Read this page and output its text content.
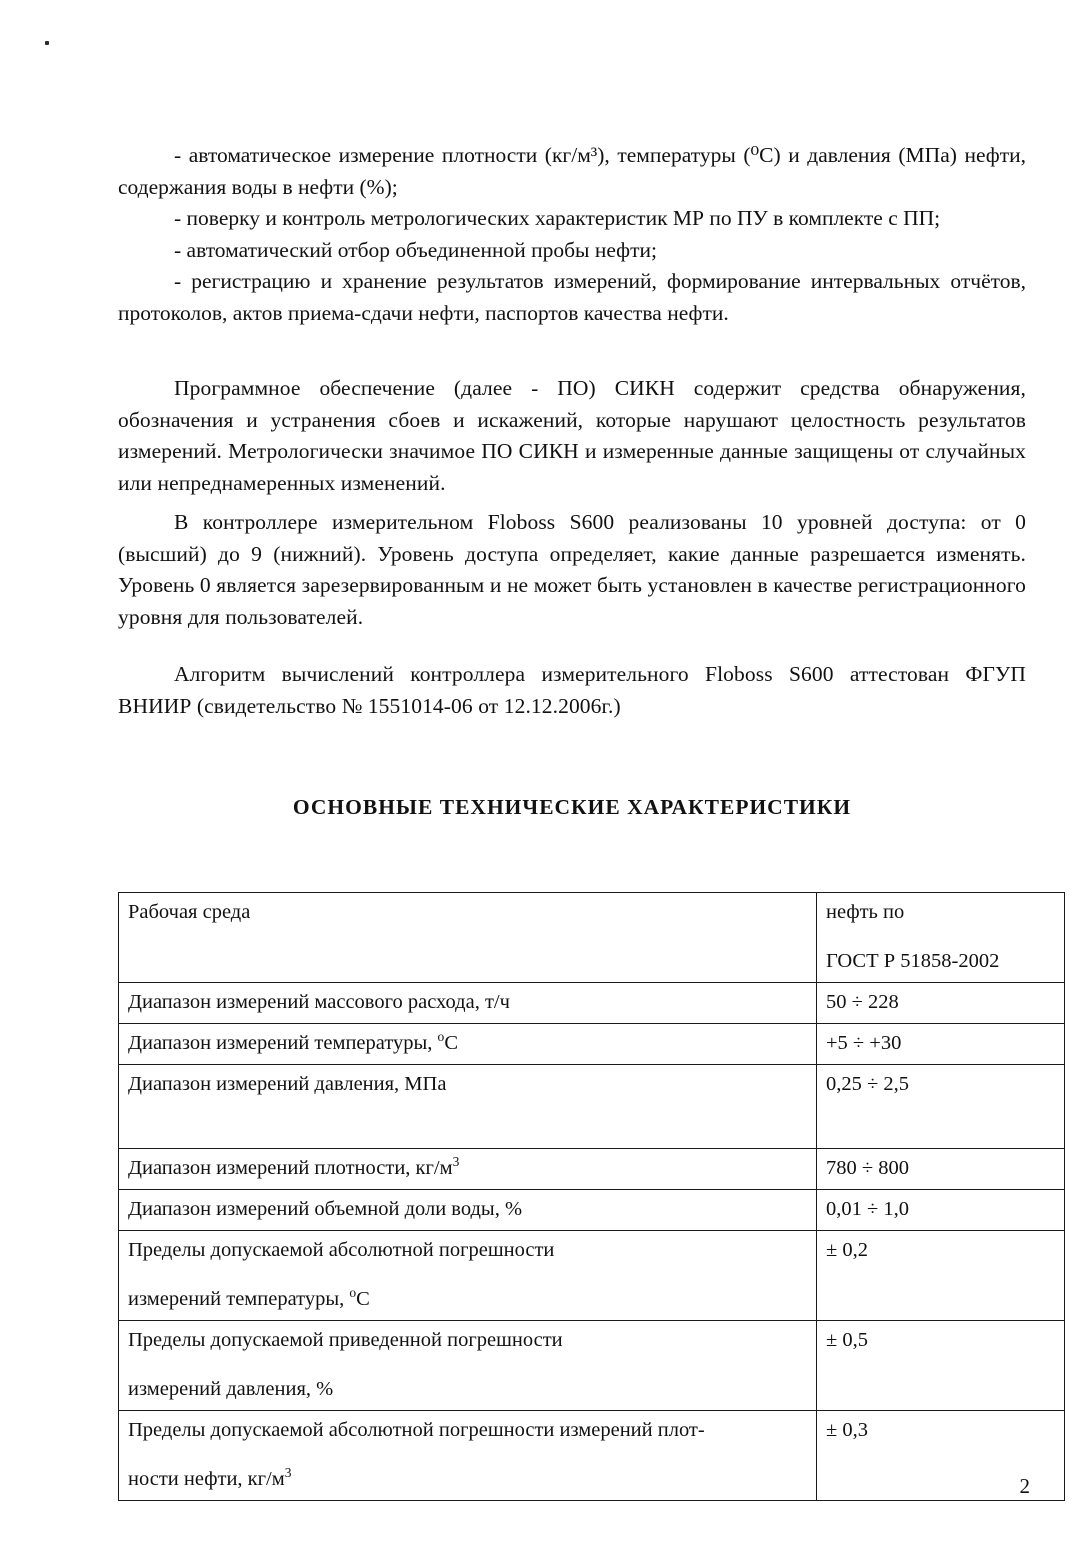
- автоматическое измерение плотности (кг/м³), температуры (⁰С) и давления (МПа) нефти, содержания воды в нефти (%);

- поверку и контроль метрологических характеристик МР по ПУ в комплекте с ПП;

- автоматический отбор объединенной пробы нефти;

- регистрацию и хранение результатов измерений, формирование интервальных отчётов, протоколов, актов приема-сдачи нефти, паспортов качества нефти.

Программное обеспечение (далее - ПО) СИКН содержит средства обнаружения, обозначения и устранения сбоев и искажений, которые нарушают целостность результатов измерений. Метрологически значимое ПО СИКН и измеренные данные защищены от случайных или непреднамеренных изменений.

В контроллере измерительном Floboss S600 реализованы 10 уровней доступа: от 0 (высший) до 9 (нижний). Уровень доступа определяет, какие данные разрешается изменять. Уровень 0 является зарезервированным и не может быть установлен в качестве регистрационного уровня для пользователей.

Алгоритм вычислений контроллера измерительного Floboss S600 аттестован ФГУП ВНИИР (свидетельство № 1551014-06 от 12.12.2006г.)

ОСНОВНЫЕ ТЕХНИЧЕСКИЕ ХАРАКТЕРИСТИКИ
Рабочая среда	нефть по
ГОСТ Р 51858-2002

Диапазон измерений массового расхода, т/ч	50 ÷ 228

Диапазон измерений температуры, $^о$С	+5 ÷ +30

Диапазон измерений давления, МПа	0,25 ÷ 2,5

Диапазон измерений плотности, $кг/м^3$	780 ÷ 800

Диапазон измерений объемной доли воды, %	0,01 ÷ 1,0

Пределы допускаемой абсолютной погрешности
измерений температуры, $^о$С	± 0,2

Пределы допускаемой приведенной погрешности
измерений давления, %	± 0,5

Пределы допускаемой абсолютной погрешности измерений плот-
ности нефти, $кг/м^3$	± 0,3
2
